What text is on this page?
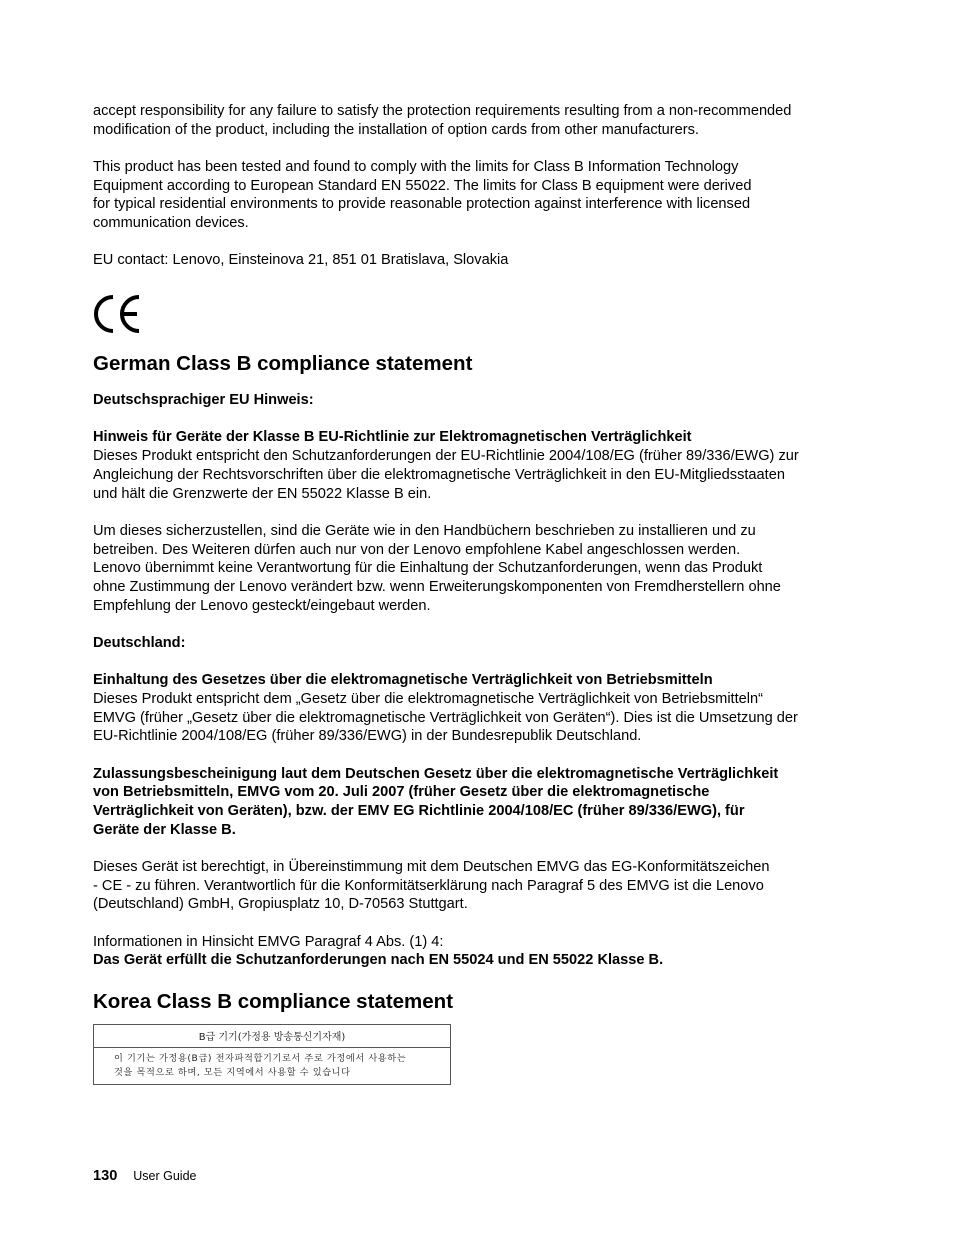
accept responsibility for any failure to satisfy the protection requirements resulting from a non-recommended

modification of the product, including the installation of option cards from other manufacturers.

This product has been tested and found to comply with the limits for Class B Information Technology

Equipment according to European Standard EN 55022. The limits for Class B equipment were derived

for typical residential environments to provide reasonable protection against interference with licensed

communication devices.

EU contact: Lenovo, Einsteinova 21, 851 01 Bratislava, Slovakia

German Class B compliance statement

Deutschsprachiger EU Hinweis:

Hinweis für Geräte der Klasse B EU-Richtlinie zur Elektromagnetischen Verträglichkeit

Dieses Produkt entspricht den Schutzanforderungen der EU-Richtlinie 2004/108/EG (früher 89/336/EWG) zur

Angleichung der Rechtsvorschriften über die elektromagnetische Verträglichkeit in den EU-Mitgliedsstaaten

und hält die Grenzwerte der EN 55022 Klasse B ein.

Um dieses sicherzustellen, sind die Geräte wie in den Handbüchern beschrieben zu installieren und zu

betreiben. Des Weiteren dürfen auch nur von der Lenovo empfohlene Kabel angeschlossen werden.

Lenovo übernimmt keine Verantwortung für die Einhaltung der Schutzanforderungen, wenn das Produkt

ohne Zustimmung der Lenovo verändert bzw. wenn Erweiterungskomponenten von Fremdherstellern ohne

Empfehlung der Lenovo gesteckt/eingebaut werden.

Deutschland:

Einhaltung des Gesetzes über die elektromagnetische Verträglichkeit von Betriebsmitteln

Dieses Produkt entspricht dem „Gesetz über die elektromagnetische Verträglichkeit von Betriebsmitteln“

EMVG (früher „Gesetz über die elektromagnetische Verträglichkeit von Geräten“). Dies ist die Umsetzung der

EU-Richtlinie 2004/108/EG (früher 89/336/EWG) in der Bundesrepublik Deutschland.

Zulassungsbescheinigung laut dem Deutschen Gesetz über die elektromagnetische Verträglichkeit

von Betriebsmitteln, EMVG vom 20. Juli 2007 (früher Gesetz über die elektromagnetische

Verträglichkeit von Geräten), bzw. der EMV EG Richtlinie 2004/108/EC (früher 89/336/EWG), für

Geräte der Klasse B.

Dieses Gerät ist berechtigt, in Übereinstimmung mit dem Deutschen EMVG das EG-Konformitätszeichen

- CE - zu führen. Verantwortlich für die Konformitätserklärung nach Paragraf 5 des EMVG ist die Lenovo

(Deutschland) GmbH, Gropiusplatz 10, D-70563 Stuttgart.

Informationen in Hinsicht EMVG Paragraf 4 Abs. (1) 4:

Das Gerät erfüllt die Schutzanforderungen nach EN 55024 und EN 55022 Klasse B.

Korea Class B compliance statement
B급 기기(가정용 방송통신기자재)
이 기기는 가정용(B급) 전자파적합기기로서 주로 가정에서 사용하는
것을 목적으로 하며, 모든 지역에서 사용할 수 있습니다
130 User Guide
